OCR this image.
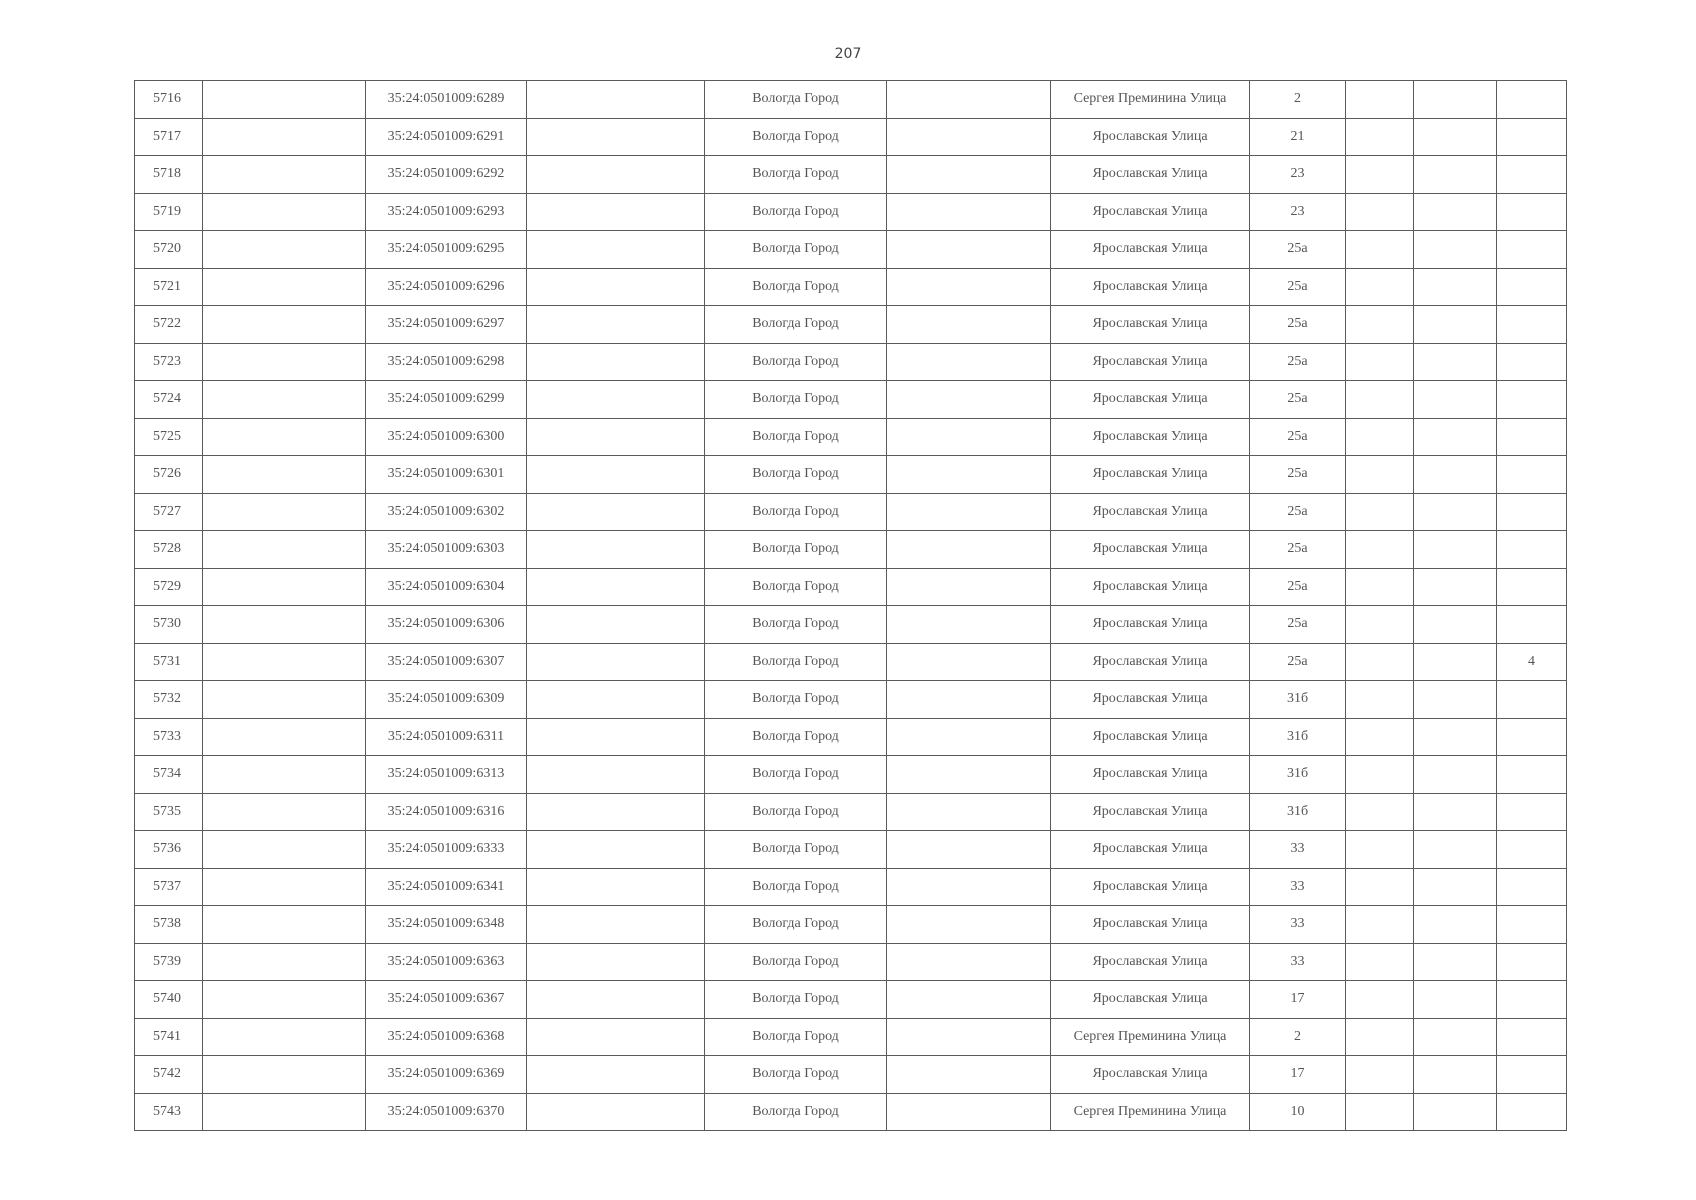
207
5716		35:24:0501009:6289		Вологда Город		Сергея Преминина Улица	2			
5717		35:24:0501009:6291		Вологда Город		Ярославская Улица	21			
5718		35:24:0501009:6292		Вологда Город		Ярославская Улица	23			
5719		35:24:0501009:6293		Вологда Город		Ярославская Улица	23			
5720		35:24:0501009:6295		Вологда Город		Ярославская Улица	25а			
5721		35:24:0501009:6296		Вологда Город		Ярославская Улица	25а			
5722		35:24:0501009:6297		Вологда Город		Ярославская Улица	25а			
5723		35:24:0501009:6298		Вологда Город		Ярославская Улица	25а			
5724		35:24:0501009:6299		Вологда Город		Ярославская Улица	25а			
5725		35:24:0501009:6300		Вологда Город		Ярославская Улица	25а			
5726		35:24:0501009:6301		Вологда Город		Ярославская Улица	25а			
5727		35:24:0501009:6302		Вологда Город		Ярославская Улица	25а			
5728		35:24:0501009:6303		Вологда Город		Ярославская Улица	25а			
5729		35:24:0501009:6304		Вологда Город		Ярославская Улица	25а			
5730		35:24:0501009:6306		Вологда Город		Ярославская Улица	25а			
5731		35:24:0501009:6307		Вологда Город		Ярославская Улица	25а			4
5732		35:24:0501009:6309		Вологда Город		Ярославская Улица	31б			
5733		35:24:0501009:6311		Вологда Город		Ярославская Улица	31б			
5734		35:24:0501009:6313		Вологда Город		Ярославская Улица	31б			
5735		35:24:0501009:6316		Вологда Город		Ярославская Улица	31б			
5736		35:24:0501009:6333		Вологда Город		Ярославская Улица	33			
5737		35:24:0501009:6341		Вологда Город		Ярославская Улица	33			
5738		35:24:0501009:6348		Вологда Город		Ярославская Улица	33			
5739		35:24:0501009:6363		Вологда Город		Ярославская Улица	33			
5740		35:24:0501009:6367		Вологда Город		Ярославская Улица	17			
5741		35:24:0501009:6368		Вологда Город		Сергея Преминина Улица	2			
5742		35:24:0501009:6369		Вологда Город		Ярославская Улица	17			
5743		35:24:0501009:6370		Вологда Город		Сергея Преминина Улица	10			
